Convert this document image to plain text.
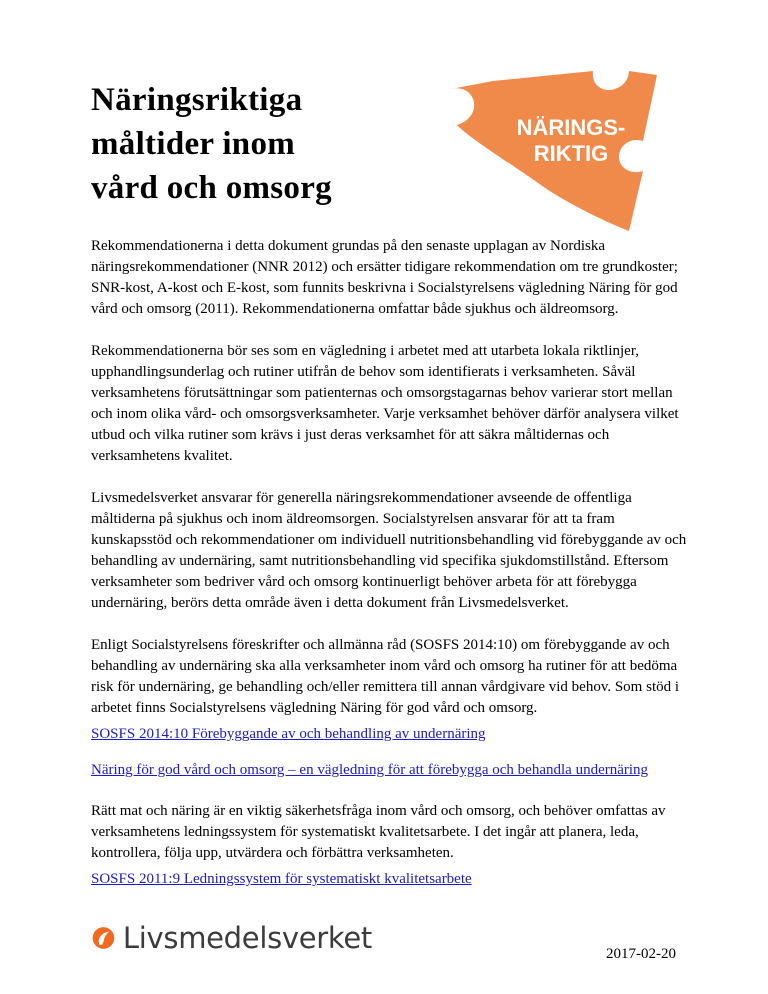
Näringsriktiga
måltider inom
vård och omsorg
NÄRINGS-
RIKTIG

Rekommendationerna i detta dokument grundas på den senaste upplagan av Nordiska näringsrekommendationer (NNR 2012) och ersätter tidigare rekommendation om tre grundkoster; SNR-kost, A-kost och E-kost, som funnits beskrivna i Socialstyrelsens vägledning Näring för god vård och omsorg (2011). Rekommendationerna omfattar både sjukhus och äldreomsorg.

Rekommendationerna bör ses som en vägledning i arbetet med att utarbeta lokala riktlinjer, upphandlingsunderlag och rutiner utifrån de behov som identifierats i verksamheten. Såväl verksamhetens förutsättningar som patienternas och omsorgstagarnas behov varierar stort mellan och inom olika vård- och omsorgsverksamheter. Varje verksamhet behöver därför analysera vilket utbud och vilka rutiner som krävs i just deras verksamhet för att säkra måltidernas och verksamhetens kvalitet.

Livsmedelsverket ansvarar för generella näringsrekommendationer avseende de offentliga måltiderna på sjukhus och inom äldreomsorgen. Socialstyrelsen ansvarar för att ta fram kunskapsstöd och rekommendationer om individuell nutritionsbehandling vid förebyggande av och behandling av undernäring, samt nutritionsbehandling vid specifika sjukdomstillstånd. Eftersom verksamheter som bedriver vård och omsorg kontinuerligt behöver arbeta för att förebygga undernäring, berörs detta område även i detta dokument från Livsmedelsverket.

Enligt Socialstyrelsens föreskrifter och allmänna råd (SOSFS 2014:10) om förebyggande av och behandling av undernäring ska alla verksamheter inom vård och omsorg ha rutiner för att bedöma risk för undernäring, ge behandling och/eller remittera till annan vårdgivare vid behov. Som stöd i arbetet finns Socialstyrelsens vägledning Näring för god vård och omsorg.

SOSFS 2014:10 Förebyggande av och behandling av undernäring
Näring för god vård och omsorg – en vägledning för att förebygga och behandla undernäring

Rätt mat och näring är en viktig säkerhetsfråga inom vård och omsorg, och behöver omfattas av verksamhetens ledningssystem för systematiskt kvalitetsarbete. I det ingår att planera, leda, kontrollera, följa upp, utvärdera och förbättra verksamheten.

SOSFS 2011:9 Ledningssystem för systematiskt kvalitetsarbete
Livsmedelsverket	2017-02-20
